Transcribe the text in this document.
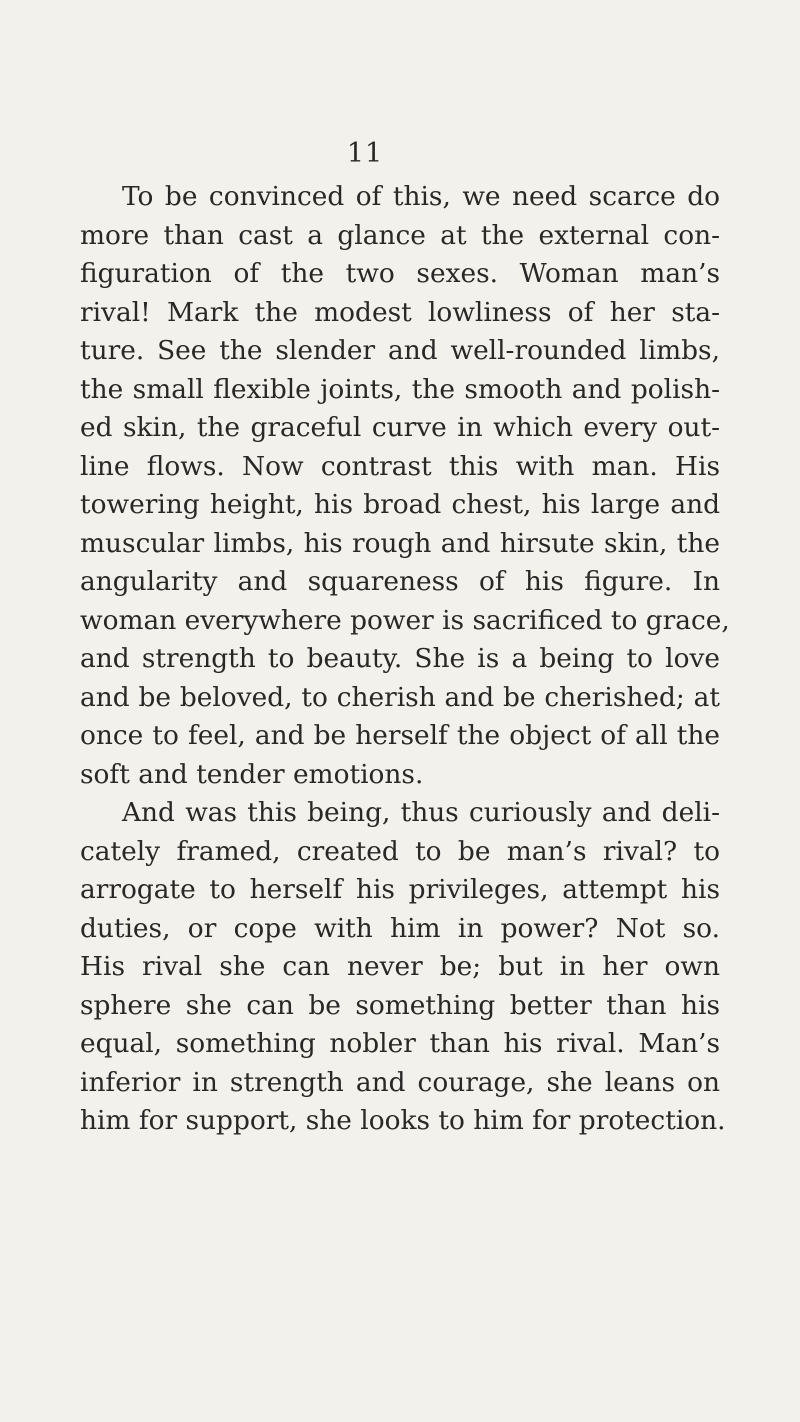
11
To be convinced of this, we need scarce do
more than cast a glance at the external con-
figuration of the two sexes. Woman man’s
rival! Mark the modest lowliness of her sta-
ture. See the slender and well-rounded limbs,
the small flexible joints, the smooth and polish-
ed skin, the graceful curve in which every out-
line flows. Now contrast this with man. His
towering height, his broad chest, his large and
muscular limbs, his rough and hirsute skin, the
angularity and squareness of his figure. In
woman everywhere power is sacrificed to grace,
and strength to beauty. She is a being to love
and be beloved, to cherish and be cherished; at
once to feel, and be herself the object of all the
soft and tender emotions.
And was this being, thus curiously and deli-
cately framed, created to be man’s rival? to
arrogate to herself his privileges, attempt his
duties, or cope with him in power? Not so.
His rival she can never be; but in her own
sphere she can be something better than his
equal, something nobler than his rival. Man’s
inferior in strength and courage, she leans on
him for support, she looks to him for protection.
